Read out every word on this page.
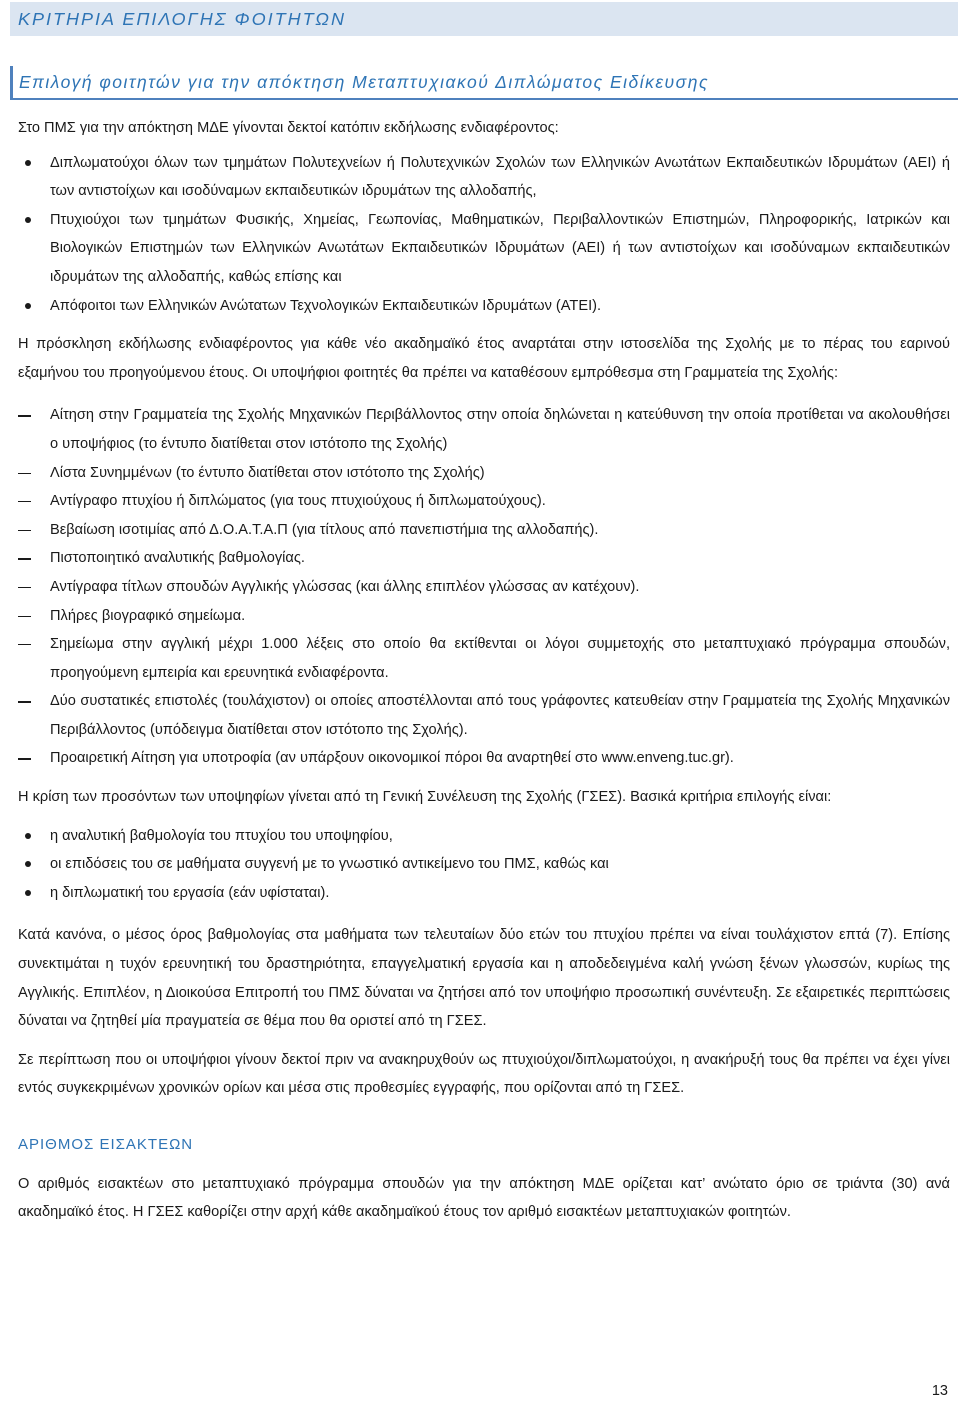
ΚΡΙΤΗΡΙΑ ΕΠΙΛΟΓΗΣ ΦΟΙΤΗΤΩΝ
Επιλογή φοιτητών για την απόκτηση Μεταπτυχιακού Διπλώματος Ειδίκευσης

Στο ΠΜΣ για την απόκτηση ΜΔΕ γίνονται δεκτοί κατόπιν εκδήλωσης ενδιαφέροντος:

Διπλωματούχοι όλων των τμημάτων Πολυτεχνείων ή Πολυτεχνικών Σχολών των Ελληνικών Ανωτάτων Εκπαιδευτικών Ιδρυμάτων (ΑΕΙ) ή των αντιστοίχων και ισοδύναμων εκπαιδευτικών ιδρυμάτων της αλλοδαπής,
Πτυχιούχοι των τμημάτων Φυσικής, Χημείας, Γεωπονίας, Μαθηματικών, Περιβαλλοντικών Επιστημών, Πληροφορικής, Ιατρικών και Βιολογικών Επιστημών των Ελληνικών Ανωτάτων Εκπαιδευτικών Ιδρυμάτων (ΑΕΙ) ή των αντιστοίχων και ισοδύναμων εκπαιδευτικών ιδρυμάτων της αλλοδαπής, καθώς επίσης και
Απόφοιτοι των Ελληνικών Ανώτατων Τεχνολογικών Εκπαιδευτικών Ιδρυμάτων (ΑΤΕΙ).

Η πρόσκληση εκδήλωσης ενδιαφέροντος για κάθε νέο ακαδημαϊκό έτος αναρτάται στην ιστοσελίδα της Σχολής με το πέρας του εαρινού εξαμήνου του προηγούμενου έτους. Οι υποψήφιοι φοιτητές θα πρέπει να καταθέσουν εμπρόθεσμα στη Γραμματεία της Σχολής:

Αίτηση στην Γραμματεία της Σχολής Μηχανικών Περιβάλλοντος στην οποία δηλώνεται η κατεύθυνση την οποία προτίθεται να ακολουθήσει ο υποψήφιος (το έντυπο διατίθεται στον ιστότοπο της Σχολής)
Λίστα Συνημμένων (το έντυπο διατίθεται στον ιστότοπο της Σχολής)
Αντίγραφο πτυχίου ή διπλώματος (για τους πτυχιούχους ή διπλωματούχους).
Βεβαίωση ισοτιμίας από Δ.Ο.Α.Τ.Α.Π (για τίτλους από πανεπιστήμια της αλλοδαπής).
Πιστοποιητικό αναλυτικής βαθμολογίας.
Αντίγραφα τίτλων σπουδών Αγγλικής γλώσσας (και άλλης επιπλέον γλώσσας αν κατέχουν).
Πλήρες βιογραφικό σημείωμα.
Σημείωμα στην αγγλική μέχρι 1.000 λέξεις στο οποίο θα εκτίθενται οι λόγοι συμμετοχής στο μεταπτυχιακό πρόγραμμα σπουδών, προηγούμενη εμπειρία και ερευνητικά ενδιαφέροντα.
Δύο συστατικές επιστολές (τουλάχιστον) οι οποίες αποστέλλονται από τους γράφοντες κατευθείαν στην Γραμματεία της Σχολής Μηχανικών Περιβάλλοντος (υπόδειγμα διατίθεται στον ιστότοπο της Σχολής).
Προαιρετική Αίτηση για υποτροφία (αν υπάρξουν οικονομικοί πόροι θα αναρτηθεί στο www.enveng.tuc.gr).

Η κρίση των προσόντων των υποψηφίων γίνεται από τη Γενική Συνέλευση της Σχολής (ΓΣΕΣ). Βασικά κριτήρια επιλογής είναι:

η αναλυτική βαθμολογία του πτυχίου του υποψηφίου,
οι επιδόσεις του σε μαθήματα συγγενή με το γνωστικό αντικείμενο του ΠΜΣ, καθώς και
η διπλωματική του εργασία (εάν υφίσταται).

Κατά κανόνα, ο μέσος όρος βαθμολογίας στα μαθήματα των τελευταίων δύο ετών του πτυχίου πρέπει να είναι τουλάχιστον επτά (7). Επίσης συνεκτιμάται η τυχόν ερευνητική του δραστηριότητα, επαγγελματική εργασία και η αποδεδειγμένα καλή γνώση ξένων γλωσσών, κυρίως της Αγγλικής. Επιπλέον, η Διοικούσα Επιτροπή του ΠΜΣ δύναται να ζητήσει από τον υποψήφιο προσωπική συνέντευξη. Σε εξαιρετικές περιπτώσεις δύναται να ζητηθεί μία πραγματεία σε θέμα που θα οριστεί από τη ΓΣΕΣ.

Σε περίπτωση που οι υποψήφιοι γίνουν δεκτοί πριν να ανακηρυχθούν ως πτυχιούχοι/διπλωματούχοι, η ανακήρυξή τους θα πρέπει να έχει γίνει εντός συγκεκριμένων χρονικών ορίων και μέσα στις προθεσμίες εγγραφής, που ορίζονται από τη ΓΣΕΣ.

ΑΡΙΘΜΟΣ ΕΙΣΑΚΤΕΩΝ

Ο αριθμός εισακτέων στο μεταπτυχιακό πρόγραμμα σπουδών για την απόκτηση ΜΔΕ ορίζεται κατ’ ανώτατο όριο σε τριάντα (30) ανά ακαδημαϊκό έτος. Η ΓΣΕΣ καθορίζει στην αρχή κάθε ακαδημαϊκού έτους τον αριθμό εισακτέων μεταπτυχιακών φοιτητών.

13
